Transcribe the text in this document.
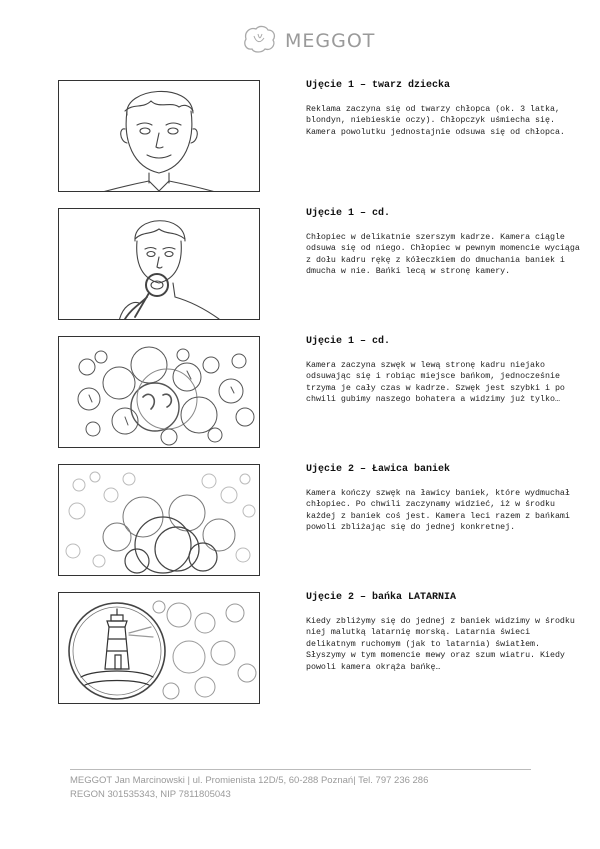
MEGGOT
Ujęcie 1 – twarz dziecka
Reklama zaczyna się od twarzy chłopca (ok. 3 latka, blondyn, niebieskie oczy). Chłopczyk uśmiecha się. Kamera powolutku jednostajnie odsuwa się od chłopca.
Ujęcie 1 – cd.
Chłopiec w delikatnie szerszym kadrze. Kamera ciągle odsuwa się od niego. Chłopiec w pewnym momencie wyciąga z dołu kadru rękę z kółeczkiem do dmuchania baniek i dmucha w nie. Bańki lecą w stronę kamery.
Ujęcie 1 – cd.
Kamera zaczyna szwęk w lewą stronę kadru niejako odsuwając się i robiąc miejsce bańkom, jednocześnie trzyma je cały czas w kadrze. Szwęk jest szybki i po chwili gubimy naszego bohatera a widzimy już tylko…
Ujęcie 2 – Ławica baniek
Kamera kończy szwęk na ławicy baniek, które wydmuchał chłopiec. Po chwili zaczynamy widzieć, iż w środku każdej z baniek coś jest. Kamera leci razem z bańkami powoli zbliżając się do jednej konkretnej.
Ujęcie 2 – bańka LATARNIA
Kiedy zbliżymy się do jednej z baniek widzimy w środku niej malutką latarnię morską. Latarnia świeci delikatnym ruchomym (jak to latarnia) światłem. Słyszymy w tym momencie mewy oraz szum wiatru. Kiedy powoli kamera okrąża bańkę…
MEGGOT Jan Marcinowski | ul. Promienista 12D/5, 60-288 Poznań| Tel. 797 236 286
REGON 301535343, NIP 7811805043
